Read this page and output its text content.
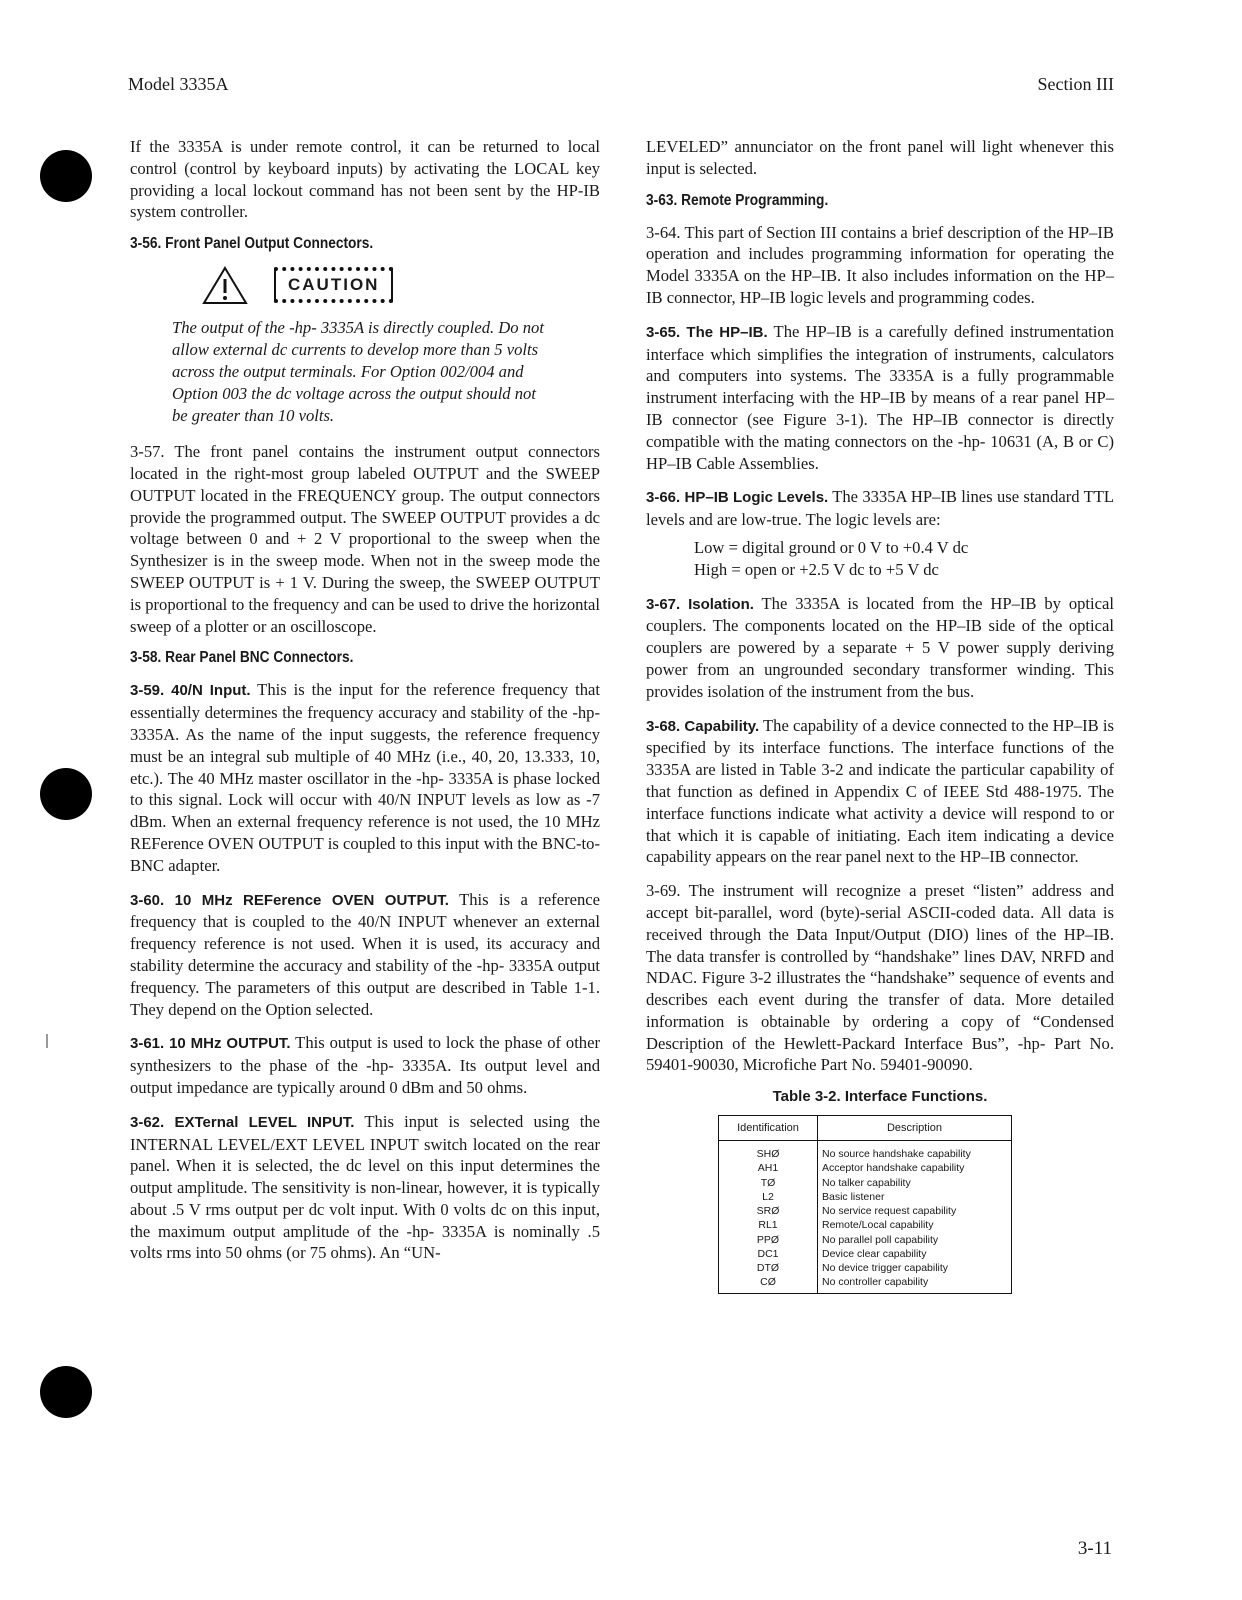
Model 3335A	Section III

If the 3335A is under remote control, it can be returned to local control (control by keyboard inputs) by activating the LOCAL key providing a local lockout command has not been sent by the HP-IB system controller.

3-56. Front Panel Output Connectors.
CAUTION

The output of the -hp- 3335A is directly coupled. Do not allow external dc currents to develop more than 5 volts across the output terminals. For Option 002/004 and Option 003 the dc voltage across the output should not be greater than 10 volts.

3-57. The front panel contains the instrument output connectors located in the right-most group labeled OUTPUT and the SWEEP OUTPUT located in the FREQUENCY group. The output connectors provide the programmed output. The SWEEP OUTPUT provides a dc voltage between 0 and + 2 V proportional to the sweep when the Synthesizer is in the sweep mode. When not in the sweep mode the SWEEP OUTPUT is + 1 V. During the sweep, the SWEEP OUTPUT is proportional to the frequency and can be used to drive the horizontal sweep of a plotter or an oscilloscope.

3-58. Rear Panel BNC Connectors.

3-59. 40/N Input. This is the input for the reference frequency that essentially determines the frequency accuracy and stability of the -hp- 3335A. As the name of the input suggests, the reference frequency must be an integral sub multiple of 40 MHz (i.e., 40, 20, 13.333, 10, etc.). The 40 MHz master oscillator in the -hp- 3335A is phase locked to this signal. Lock will occur with 40/N INPUT levels as low as -7 dBm. When an external frequency reference is not used, the 10 MHz REFerence OVEN OUTPUT is coupled to this input with the BNC-to-BNC adapter.

3-60. 10 MHz REFerence OVEN OUTPUT. This is a reference frequency that is coupled to the 40/N INPUT whenever an external frequency reference is not used. When it is used, its accuracy and stability determine the accuracy and stability of the -hp- 3335A output frequency. The parameters of this output are described in Table 1-1. They depend on the Option selected.

3-61. 10 MHz OUTPUT. This output is used to lock the phase of other synthesizers to the phase of the -hp- 3335A. Its output level and output impedance are typically around 0 dBm and 50 ohms.

3-62. EXTernal LEVEL INPUT. This input is selected using the INTERNAL LEVEL/EXT LEVEL INPUT switch located on the rear panel. When it is selected, the dc level on this input determines the output amplitude. The sensitivity is non-linear, however, it is typically about .5 V rms output per dc volt input. With 0 volts dc on this input, the maximum output amplitude of the -hp- 3335A is nominally .5 volts rms into 50 ohms (or 75 ohms). An “UN-

LEVELED” annunciator on the front panel will light whenever this input is selected.

3-63. Remote Programming.

3-64. This part of Section III contains a brief description of the HP–IB operation and includes programming information for operating the Model 3335A on the HP–IB. It also includes information on the HP–IB connector, HP–IB logic levels and programming codes.

3-65. The HP–IB. The HP–IB is a carefully defined instrumentation interface which simplifies the integration of instruments, calculators and computers into systems. The 3335A is a fully programmable instrument interfacing with the HP–IB by means of a rear panel HP–IB connector (see Figure 3-1). The HP–IB connector is directly compatible with the mating connectors on the -hp- 10631 (A, B or C) HP–IB Cable Assemblies.

3-66. HP–IB Logic Levels. The 3335A HP–IB lines use standard TTL levels and are low-true. The logic levels are:

Low = digital ground or 0 V to +0.4 V dc
High = open or +2.5 V dc to +5 V dc

3-67. Isolation. The 3335A is located from the HP–IB by optical couplers. The components located on the HP–IB side of the optical couplers are powered by a separate + 5 V power supply deriving power from an ungrounded secondary transformer winding. This provides isolation of the instrument from the bus.

3-68. Capability. The capability of a device connected to the HP–IB is specified by its interface functions. The interface functions of the 3335A are listed in Table 3-2 and indicate the particular capability of that function as defined in Appendix C of IEEE Std 488-1975. The interface functions indicate what activity a device will respond to or that which it is capable of initiating. Each item indicating a device capability appears on the rear panel next to the HP–IB connector.

3-69. The instrument will recognize a preset “listen” address and accept bit-parallel, word (byte)-serial ASCII-coded data. All data is received through the Data Input/Output (DIO) lines of the HP–IB. The data transfer is controlled by “handshake” lines DAV, NRFD and NDAC. Figure 3-2 illustrates the “handshake” sequence of events and describes each event during the transfer of data. More detailed information is obtainable by ordering a copy of “Condensed Description of the Hewlett-Packard Interface Bus”, -hp- Part No. 59401-90030, Microfiche Part No. 59401-90090.

Table 3-2. Interface Functions.
Identification	Description
SHØ	No source handshake capability
AH1	Acceptor handshake capability
TØ	No talker capability
L2	Basic listener
SRØ	No service request capability
RL1	Remote/Local capability
PPØ	No parallel poll capability
DC1	Device clear capability
DTØ	No device trigger capability
CØ	No controller capability
3-11
